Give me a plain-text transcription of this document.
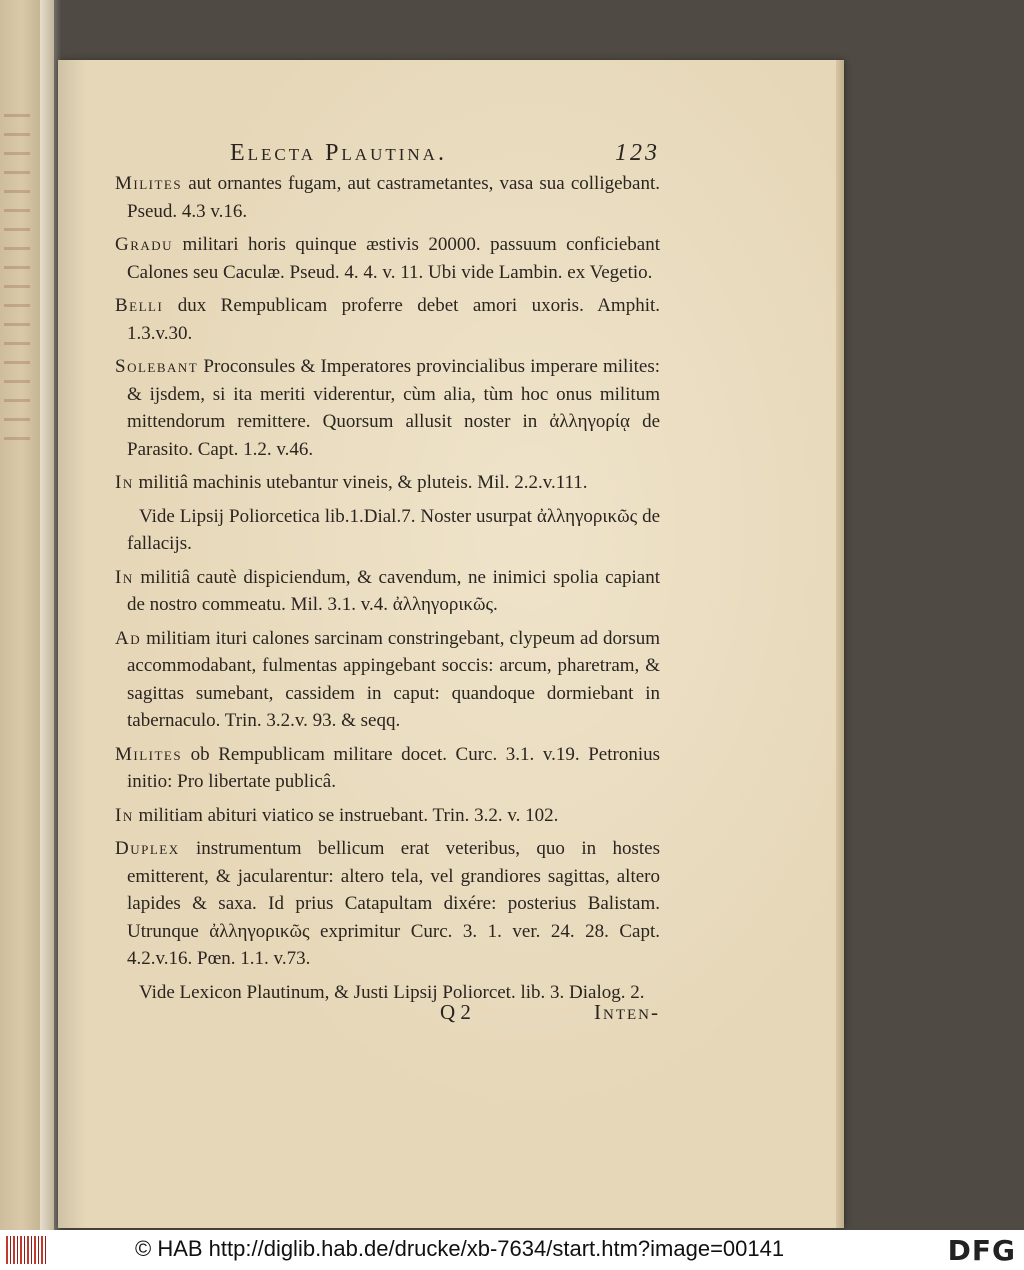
Electa Plautina.	123

Milites aut ornantes fugam, aut castrametantes, vasa sua colligebant. Pseud. 4.3 v.16.

Gradu militari horis quinque æstivis 20000. passuum conficiebant Calones seu Caculæ. Pseud. 4. 4. v. 11. Ubi vide Lambin. ex Vegetio.

Belli dux Rempublicam proferre debet amori uxoris. Amphit. 1.3.v.30.

Solebant Proconsules & Imperatores provincialibus imperare milites: & ijsdem, si ita meriti viderentur, cùm alia, tùm hoc onus militum mittendorum remittere. Quorsum allusit noster in ἀλληγορίᾳ de Parasito. Capt. 1.2. v.46.

In militiâ machinis utebantur vineis, & pluteis. Mil. 2.2.v.111.

Vide Lipsij Poliorcetica lib.1.Dial.7. Noster usurpat ἀλληγορικῶς de fallacijs.

In militiâ cautè dispiciendum, & cavendum, ne inimici spolia capiant de nostro commeatu. Mil. 3.1. v.4. ἀλληγορικῶς.

Ad militiam ituri calones sarcinam constringebant, clypeum ad dorsum accommodabant, fulmentas appingebant soccis: arcum, pharetram, & sagittas sumebant, cassidem in caput: quandoque dormiebant in tabernaculo. Trin. 3.2.v. 93. & seqq.

Milites ob Rempublicam militare docet. Curc. 3.1. v.19. Petronius initio: Pro libertate publicâ.

In militiam abituri viatico se instruebant. Trin. 3.2. v. 102.

Duplex instrumentum bellicum erat veteribus, quo in hostes emitterent, & jacularentur: altero tela, vel grandiores sagittas, altero lapides & saxa. Id prius Catapultam dixére: posterius Balistam. Utrunque ἀλληγορικῶς exprimitur Curc. 3. 1. ver. 24. 28. Capt. 4.2.v.16. Pœn. 1.1. v.73.

Vide Lexicon Plautinum, & Justi Lipsij Poliorcet. lib. 3. Dialog. 2.

Q 2	Inten-
© HAB http://diglib.hab.de/drucke/xb-7634/start.htm?image=00141	DFG
